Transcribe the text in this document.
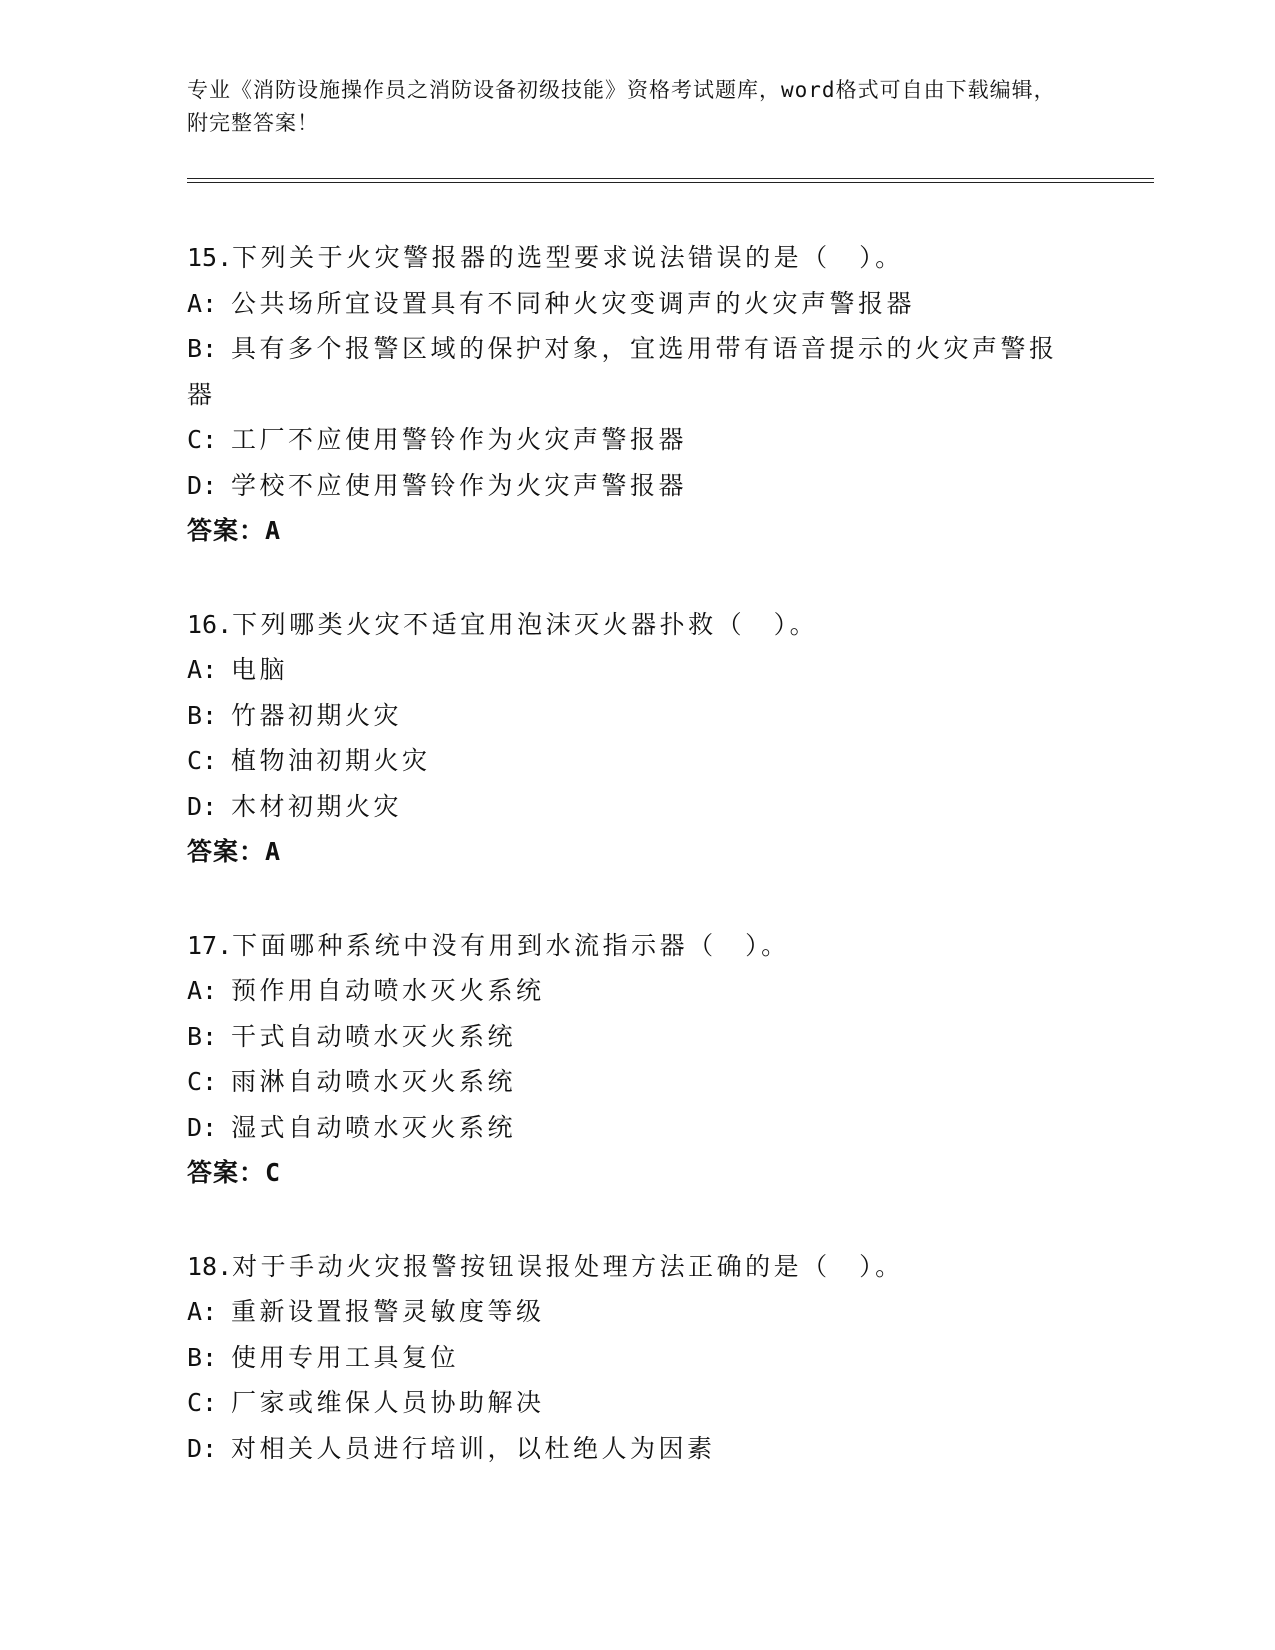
专业《消防设施操作员之消防设备初级技能》资格考试题库，word格式可自由下载编辑，附完整答案！
15.下列关于火灾警报器的选型要求说法错误的是（　）。
A: 公共场所宜设置具有不同种火灾变调声的火灾声警报器
B: 具有多个报警区域的保护对象，宜选用带有语音提示的火灾声警报
器
C: 工厂不应使用警铃作为火灾声警报器
D: 学校不应使用警铃作为火灾声警报器
答案：A
16.下列哪类火灾不适宜用泡沫灭火器扑救（　）。
A: 电脑
B: 竹器初期火灾
C: 植物油初期火灾
D: 木材初期火灾
答案：A
17.下面哪种系统中没有用到水流指示器（　）。
A: 预作用自动喷水灭火系统
B: 干式自动喷水灭火系统
C: 雨淋自动喷水灭火系统
D: 湿式自动喷水灭火系统
答案：C
18.对于手动火灾报警按钮误报处理方法正确的是（　）。
A: 重新设置报警灵敏度等级
B: 使用专用工具复位
C: 厂家或维保人员协助解决
D: 对相关人员进行培训，以杜绝人为因素
